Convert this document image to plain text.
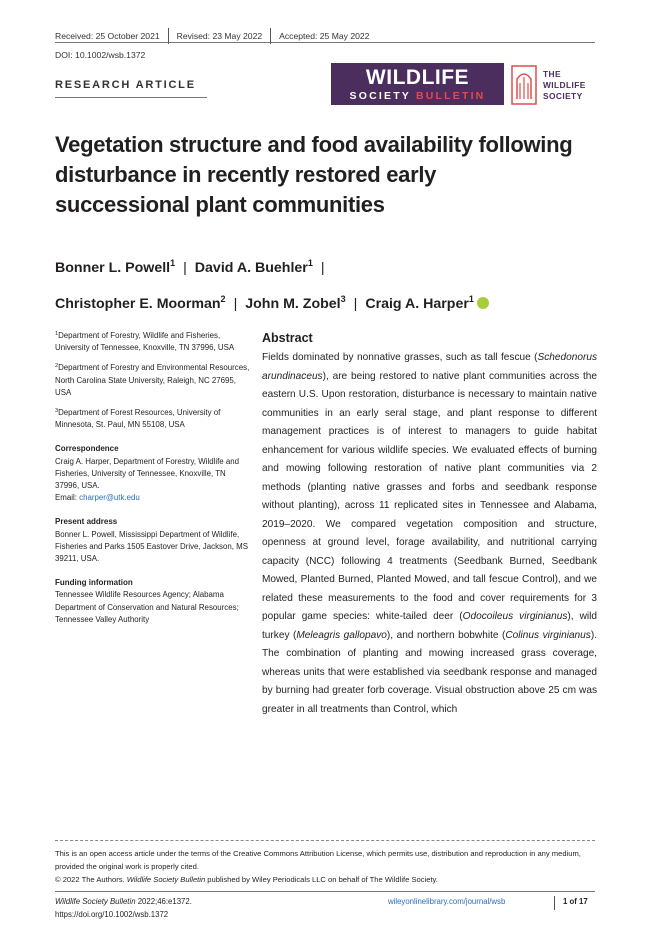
Received: 25 October 2021 Revised: 23 May 2022 Accepted: 25 May 2022
DOI: 10.1002/wsb.1372
RESEARCH ARTICLE	WILDLIFE
SOCIETY BULLETIN
THE
WILDLIFE
SOCIETY
Vegetation structure and food availability following disturbance in recently restored early successional plant communities
Bonner L. Powell$^1$ | David A. Buehler$^1$ |
Christopher E. Moorman$^2$ | John M. Zobel$^3$ | Craig A. Harper$^1$
$^1$Department of Forestry, Wildlife and Fisheries, University of Tennessee, Knoxville, TN 37996, USA
$^2$Department of Forestry and Environmental Resources, North Carolina State University, Raleigh, NC 27695, USA
$^3$Department of Forest Resources, University of Minnesota, St. Paul, MN 55108, USA
Correspondence
Craig A. Harper, Department of Forestry, Wildlife and Fisheries, University of Tennessee, Knoxville, TN 37996, USA.
Email: charper@utk.edu
Present address
Bonner L. Powell, Mississippi Department of Wildlife, Fisheries and Parks 1505 Eastover Drive, Jackson, MS 39211, USA.
Funding information
Tennessee Wildlife Resources Agency; Alabama Department of Conservation and Natural Resources; Tennessee Valley Authority
Abstract

Fields dominated by nonnative grasses, such as tall fescue (Schedonorus arundinaceus), are being restored to native plant communities across the eastern U.S. Upon restoration, disturbance is necessary to maintain native communities in an early seral stage, and plant response to different management practices is of interest to managers to guide habitat enhancement for various wildlife species. We evaluated effects of burning and mowing following restoration of native plant communities via 2 methods (planting native grasses and forbs and seedbank response without planting), across 11 replicated sites in Tennessee and Alabama, 2019–2020. We compared vegetation composition and structure, openness at ground level, forage availability, and nutritional carrying capacity (NCC) following 4 treatments (Seedbank Burned, Seedbank Mowed, Planted Burned, Planted Mowed, and tall fescue Control), and we related these measurements to the food and cover requirements for 3 popular game species: white‐tailed deer (Odocoileus virginianus), wild turkey (Meleagris gallopavo), and northern bobwhite (Colinus virginianus). The combination of planting and mowing increased grass coverage, whereas units that were established via seedbank response and managed by burning had greater forb coverage. Visual obstruction above 25 cm was greater in all treatments than Control, which

This is an open access article under the terms of the Creative Commons Attribution License, which permits use, distribution and reproduction in any medium, provided the original work is properly cited.
© 2022 The Authors. Wildlife Society Bulletin published by Wiley Periodicals LLC on behalf of The Wildlife Society.
Wildlife Society Bulletin 2022;46:e1372.
https://doi.org/10.1002/wsb.1372
wileyonlinelibrary.com/journal/wsb	1 of 17
